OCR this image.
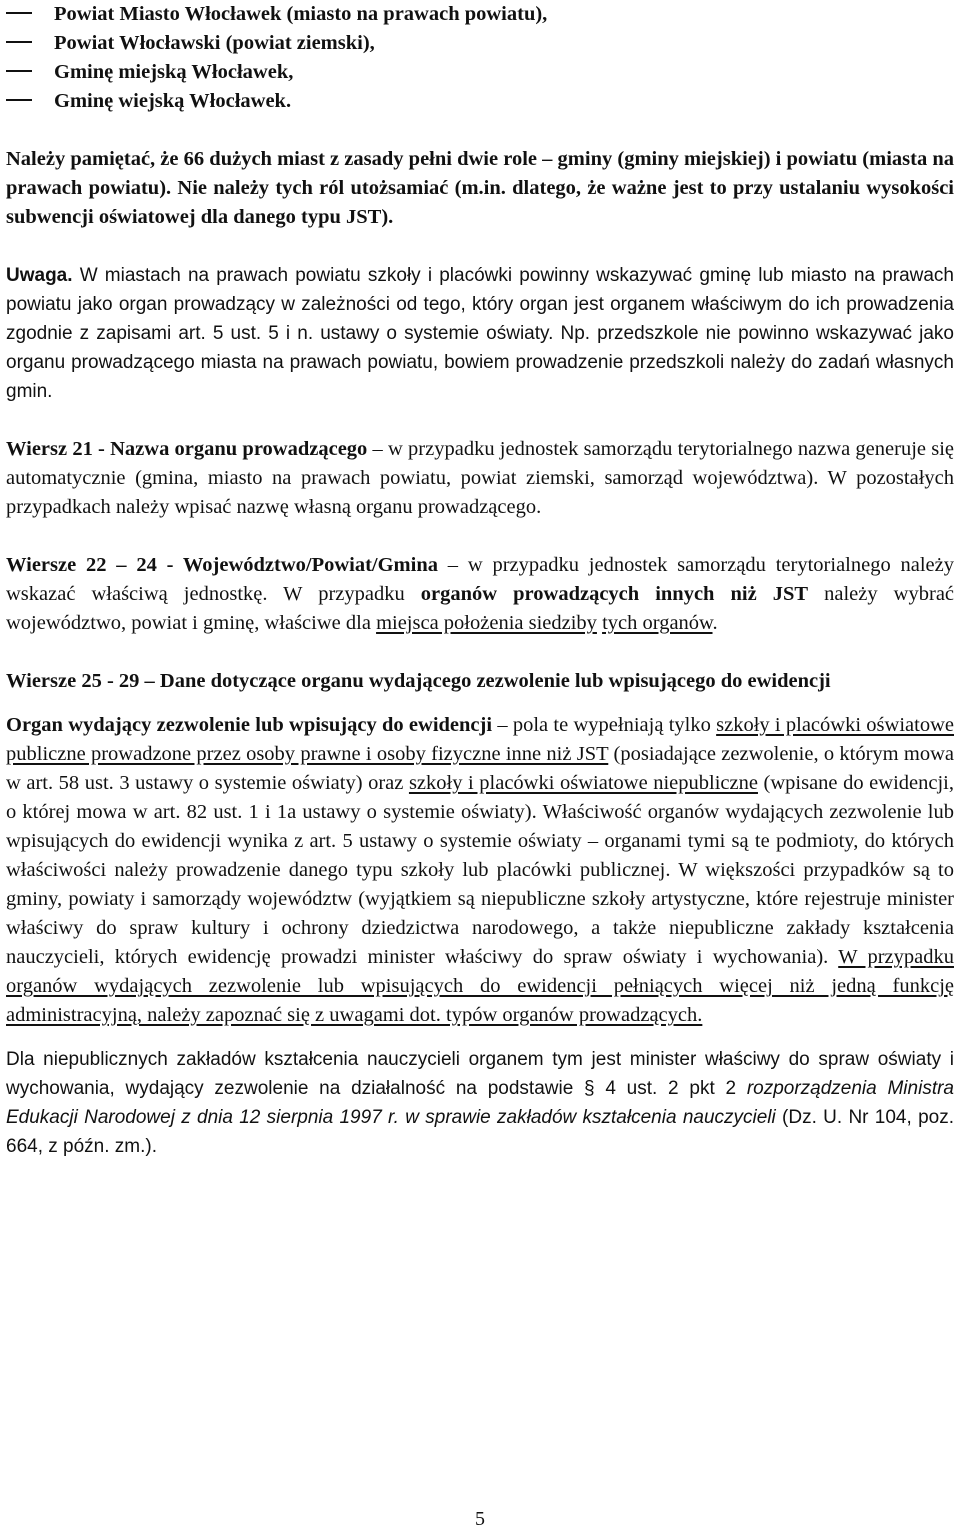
Powiat Miasto Włocławek (miasto na prawach powiatu),
Powiat Włocławski (powiat ziemski),
Gminę miejską Włocławek,
Gminę wiejską Włocławek.

Należy pamiętać, że 66 dużych miast z zasady pełni dwie role – gminy (gminy miejskiej) i powiatu (miasta na prawach powiatu). Nie należy tych ról utożsamiać (m.in. dlatego, że ważne jest to przy ustalaniu wysokości subwencji oświatowej dla danego typu JST).

Uwaga. W miastach na prawach powiatu szkoły i placówki powinny wskazywać gminę lub miasto na prawach powiatu jako organ prowadzący w zależności od tego, który organ jest organem właściwym do ich prowadzenia zgodnie z zapisami art. 5 ust. 5 i n. ustawy o systemie oświaty. Np. przedszkole nie powinno wskazywać jako organu prowadzącego miasta na prawach powiatu, bowiem prowadzenie przedszkoli należy do zadań własnych gmin.

Wiersz 21 - Nazwa organu prowadzącego – w przypadku jednostek samorządu terytorialnego nazwa generuje się automatycznie (gmina, miasto na prawach powiatu, powiat ziemski, samorząd województwa). W pozostałych przypadkach należy wpisać nazwę własną organu prowadzącego.

Wiersze 22 – 24 - Województwo/Powiat/Gmina – w przypadku jednostek samorządu terytorialnego należy wskazać właściwą jednostkę. W przypadku organów prowadzących innych niż JST należy wybrać województwo, powiat i gminę, właściwe dla miejsca położenia siedziby tych organów.

Wiersze 25 - 29 – Dane dotyczące organu wydającego zezwolenie lub wpisującego do ewidencji

Organ wydający zezwolenie lub wpisujący do ewidencji – pola te wypełniają tylko szkoły i placówki oświatowe publiczne prowadzone przez osoby prawne i osoby fizyczne inne niż JST (posiadające zezwolenie, o którym mowa w art. 58 ust. 3 ustawy o systemie oświaty) oraz szkoły i placówki oświatowe niepubliczne (wpisane do ewidencji, o której mowa w art. 82 ust. 1 i 1a ustawy o systemie oświaty). Właściwość organów wydających zezwolenie lub wpisujących do ewidencji wynika z art. 5 ustawy o systemie oświaty – organami tymi są te podmioty, do których właściwości należy prowadzenie danego typu szkoły lub placówki publicznej. W większości przypadków są to gminy, powiaty i samorządy województw (wyjątkiem są niepubliczne szkoły artystyczne, które rejestruje minister właściwy do spraw kultury i ochrony dziedzictwa narodowego, a także niepubliczne zakłady kształcenia nauczycieli, których ewidencję prowadzi minister właściwy do spraw oświaty i wychowania). W przypadku organów wydających zezwolenie lub wpisujących do ewidencji pełniących więcej niż jedną funkcję administracyjną, należy zapoznać się z uwagami dot. typów organów prowadzących.

Dla niepublicznych zakładów kształcenia nauczycieli organem tym jest minister właściwy do spraw oświaty i wychowania, wydający zezwolenie na działalność na podstawie § 4 ust. 2 pkt 2 rozporządzenia Ministra Edukacji Narodowej z dnia 12 sierpnia 1997 r. w sprawie zakładów kształcenia nauczycieli (Dz. U. Nr 104, poz. 664, z późn. zm.).

5
